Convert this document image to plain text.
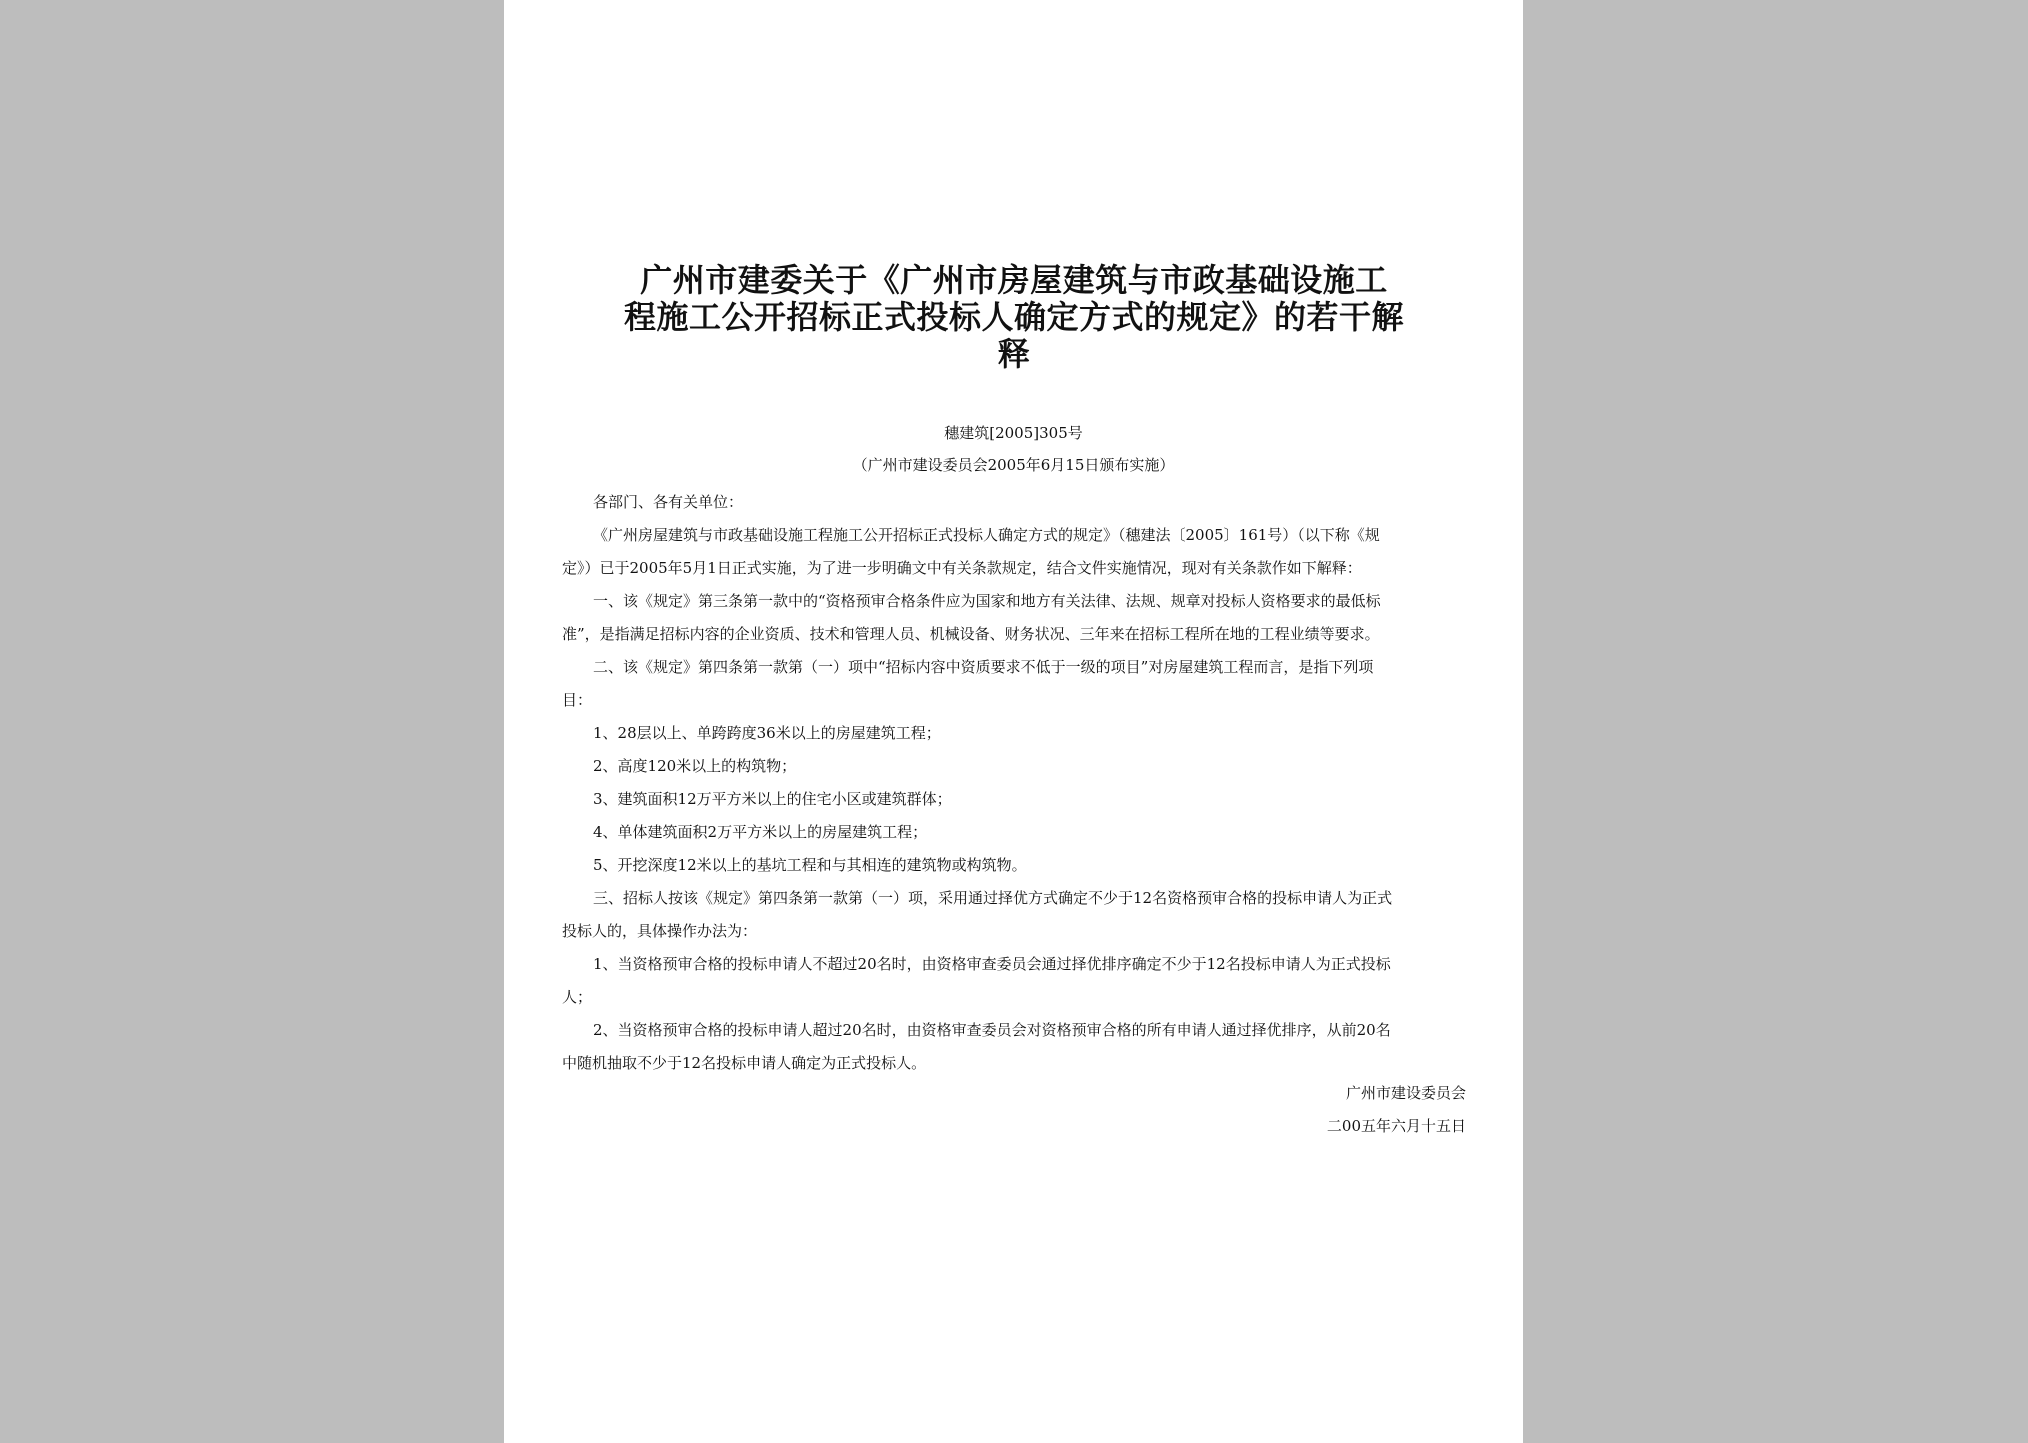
广州市建委关于《广州市房屋建筑与市政基础设施工
程施工公开招标正式投标人确定方式的规定》的若干解
释
穗建筑[2005]305号
（广州市建设委员会2005年6月15日颁布实施）
各部门、各有关单位：
《广州房屋建筑与市政基础设施工程施工公开招标正式投标人确定方式的规定》（穗建法〔2005〕161号）（以下称《规
定》）已于2005年5月1日正式实施，为了进一步明确文中有关条款规定，结合文件实施情况，现对有关条款作如下解释：
一、该《规定》第三条第一款中的“资格预审合格条件应为国家和地方有关法律、法规、规章对投标人资格要求的最低标
准”，是指满足招标内容的企业资质、技术和管理人员、机械设备、财务状况、三年来在招标工程所在地的工程业绩等要求。
二、该《规定》第四条第一款第（一）项中“招标内容中资质要求不低于一级的项目”对房屋建筑工程而言，是指下列项
目：
1、28层以上、单跨跨度36米以上的房屋建筑工程；
2、高度120米以上的构筑物；
3、建筑面积12万平方米以上的住宅小区或建筑群体；
4、单体建筑面积2万平方米以上的房屋建筑工程；
5、开挖深度12米以上的基坑工程和与其相连的建筑物或构筑物。
三、招标人按该《规定》第四条第一款第（一）项，采用通过择优方式确定不少于12名资格预审合格的投标申请人为正式
投标人的，具体操作办法为：
1、当资格预审合格的投标申请人不超过20名时，由资格审查委员会通过择优排序确定不少于12名投标申请人为正式投标
人；
2、当资格预审合格的投标申请人超过20名时，由资格审查委员会对资格预审合格的所有申请人通过择优排序，从前20名
中随机抽取不少于12名投标申请人确定为正式投标人。
广州市建设委员会
二00五年六月十五日
